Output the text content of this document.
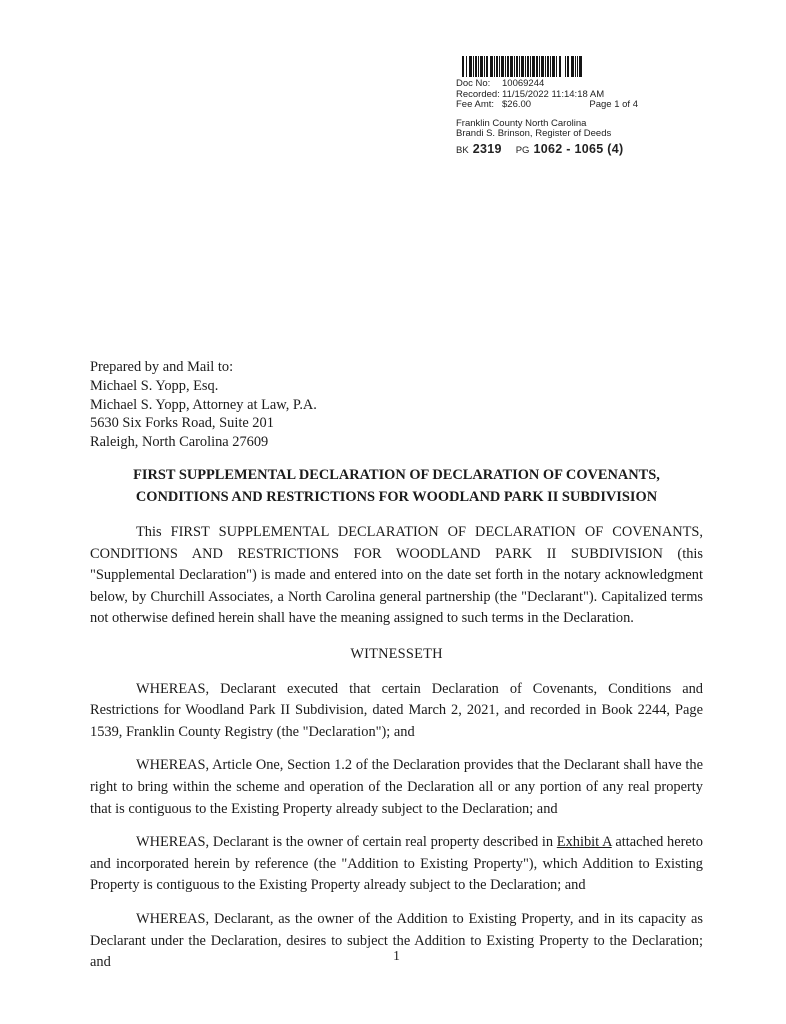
Doc No:	10069244
Recorded: 11/15/2022 11:14:18 AM
Fee Amt: $26.00	Page 1 of 4
Franklin County North Carolina
Brandi S. Brinson, Register of Deeds
BK 2319 PG 1062 - 1065 (4)
Prepared by and Mail to:
Michael S. Yopp, Esq.
Michael S. Yopp, Attorney at Law, P.A.
5630 Six Forks Road, Suite 201
Raleigh, North Carolina 27609
FIRST SUPPLEMENTAL DECLARATION OF DECLARATION OF COVENANTS,
CONDITIONS AND RESTRICTIONS FOR WOODLAND PARK II SUBDIVISION

This FIRST SUPPLEMENTAL DECLARATION OF DECLARATION OF COVENANTS, CONDITIONS AND RESTRICTIONS FOR WOODLAND PARK II SUBDIVISION (this "Supplemental Declaration") is made and entered into on the date set forth in the notary acknowledgment below, by Churchill Associates, a North Carolina general partnership (the "Declarant"). Capitalized terms not otherwise defined herein shall have the meaning assigned to such terms in the Declaration.

WITNESSETH

WHEREAS, Declarant executed that certain Declaration of Covenants, Conditions and Restrictions for Woodland Park II Subdivision, dated March 2, 2021, and recorded in Book 2244, Page 1539, Franklin County Registry (the "Declaration"); and

WHEREAS, Article One, Section 1.2 of the Declaration provides that the Declarant shall have the right to bring within the scheme and operation of the Declaration all or any portion of any real property that is contiguous to the Existing Property already subject to the Declaration; and

WHEREAS, Declarant is the owner of certain real property described in Exhibit A attached hereto and incorporated herein by reference (the "Addition to Existing Property"), which Addition to Existing Property is contiguous to the Existing Property already subject to the Declaration; and

WHEREAS, Declarant, as the owner of the Addition to Existing Property, and in its capacity as Declarant under the Declaration, desires to subject the Addition to Existing Property to the Declaration; and	1
